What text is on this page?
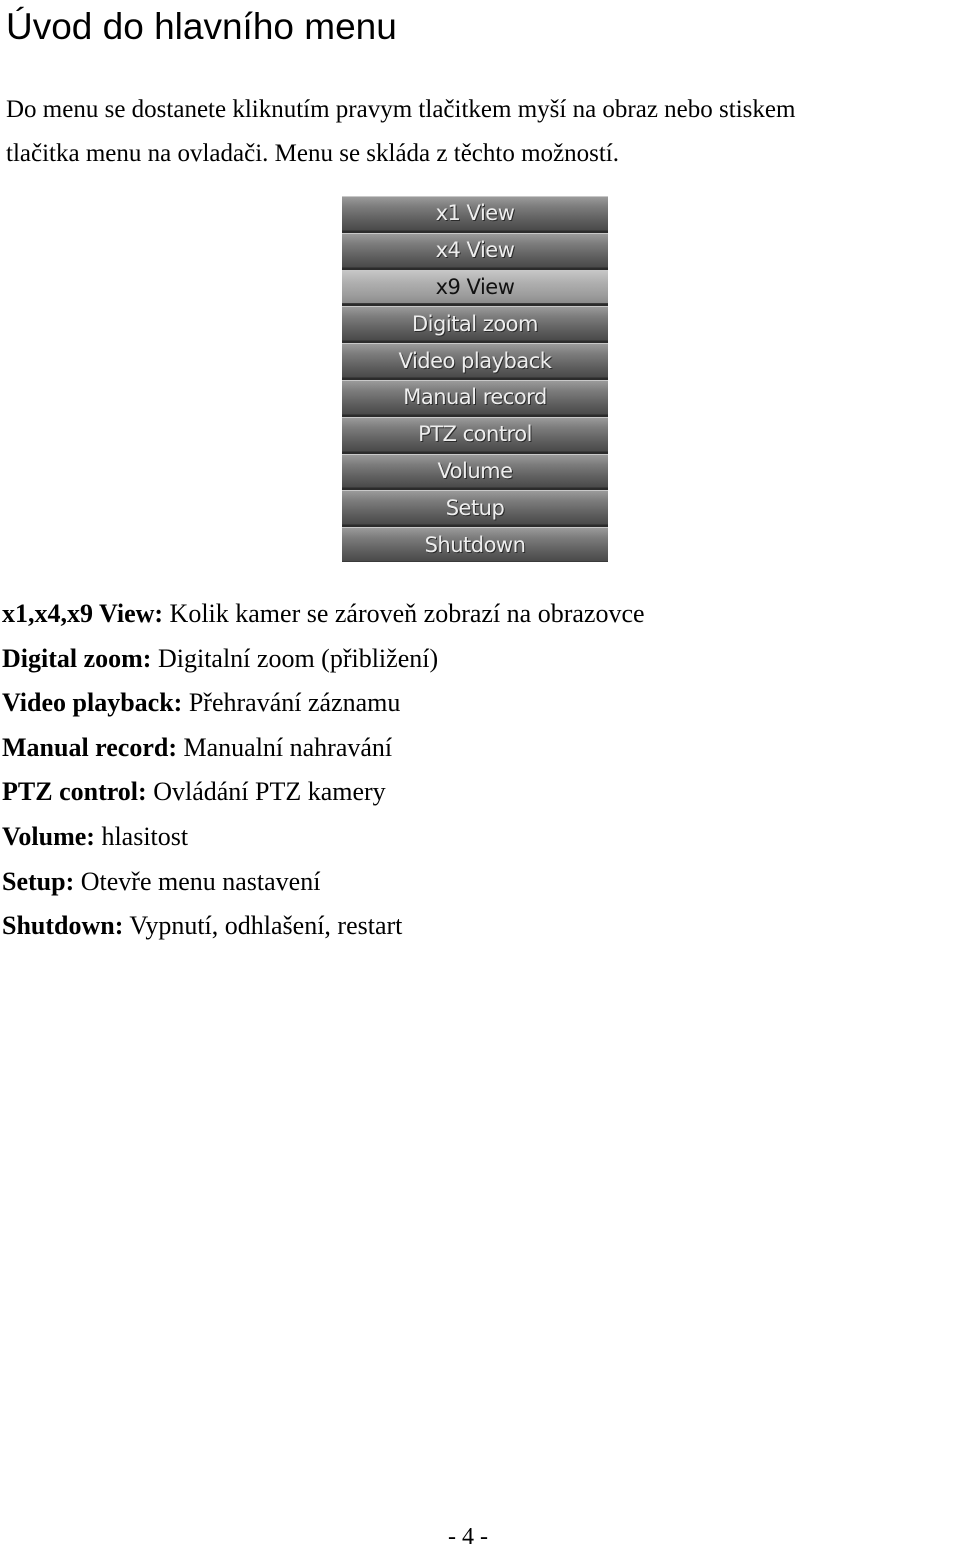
Úvod do hlavního menu

Do menu se dostanete kliknutím pravym tlačitkem myší na obraz nebo stiskem
tlačitka menu na ovladači. Menu se skláda z těchto možností.

x1 View
x4 View
x9 View
Digital zoom
Video playback
Manual record
PTZ control
Volume
Setup
Shutdown
x1,x4,x9 View: Kolik kamer se zároveň zobrazí na obrazovce
Digital zoom: Digitalní zoom (přibližení)
Video playback: Přehravání záznamu
Manual record: Manualní nahravání
PTZ control: Ovládání PTZ kamery
Volume: hlasitost
Setup: Otevře menu nastavení
Shutdown: Vypnutí, odhlašení, restart
- 4 -
